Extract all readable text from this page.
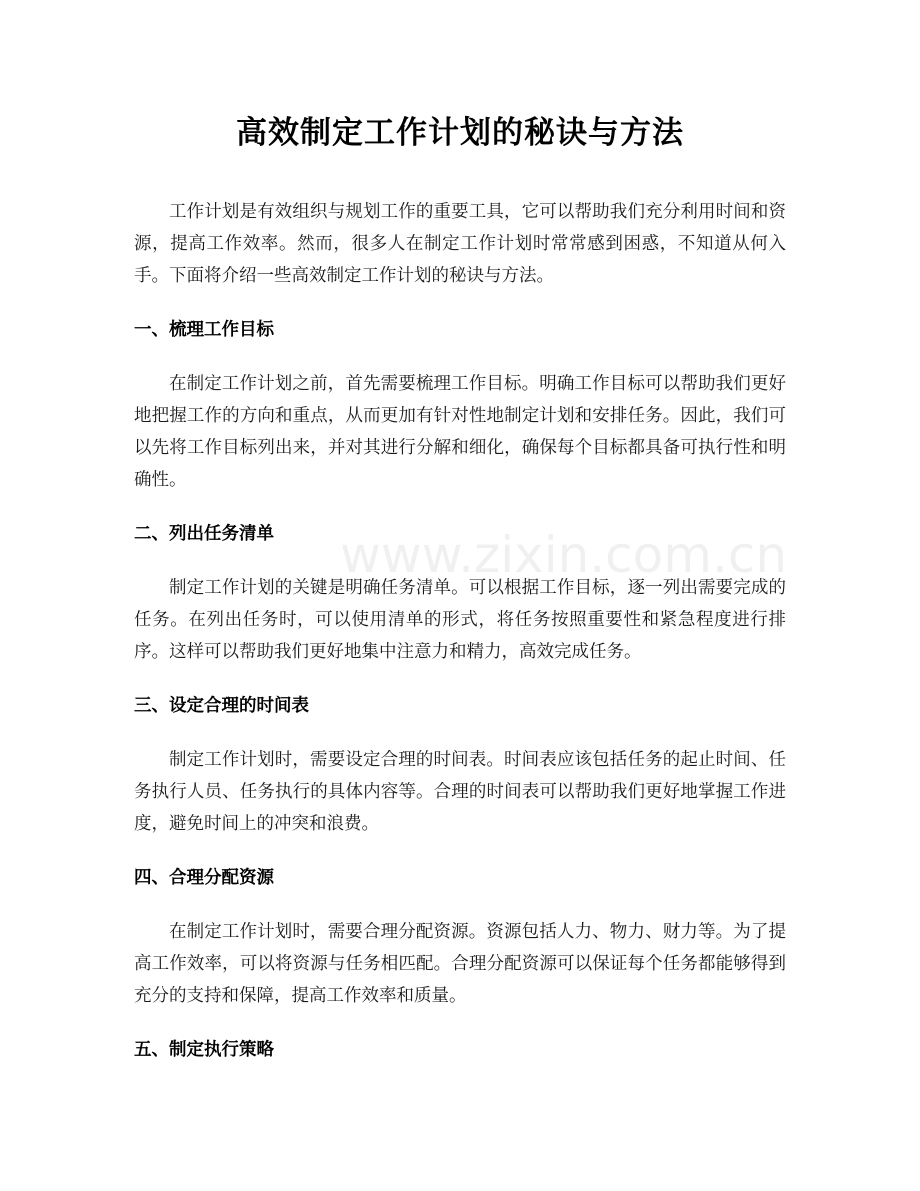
高效制定工作计划的秘诀与方法

工作计划是有效组织与规划工作的重要工具，它可以帮助我们充分利用时间和资源，提高工作效率。然而，很多人在制定工作计划时常常感到困惑，不知道从何入手。下面将介绍一些高效制定工作计划的秘诀与方法。

一、梳理工作目标

在制定工作计划之前，首先需要梳理工作目标。明确工作目标可以帮助我们更好地把握工作的方向和重点，从而更加有针对性地制定计划和安排任务。因此，我们可以先将工作目标列出来，并对其进行分解和细化，确保每个目标都具备可执行性和明确性。

二、列出任务清单

制定工作计划的关键是明确任务清单。可以根据工作目标，逐一列出需要完成的任务。在列出任务时，可以使用清单的形式，将任务按照重要性和紧急程度进行排序。这样可以帮助我们更好地集中注意力和精力，高效完成任务。

三、设定合理的时间表

制定工作计划时，需要设定合理的时间表。时间表应该包括任务的起止时间、任务执行人员、任务执行的具体内容等。合理的时间表可以帮助我们更好地掌握工作进度，避免时间上的冲突和浪费。

四、合理分配资源

在制定工作计划时，需要合理分配资源。资源包括人力、物力、财力等。为了提高工作效率，可以将资源与任务相匹配。合理分配资源可以保证每个任务都能够得到充分的支持和保障，提高工作效率和质量。

五、制定执行策略
www.zixin.com.cn
